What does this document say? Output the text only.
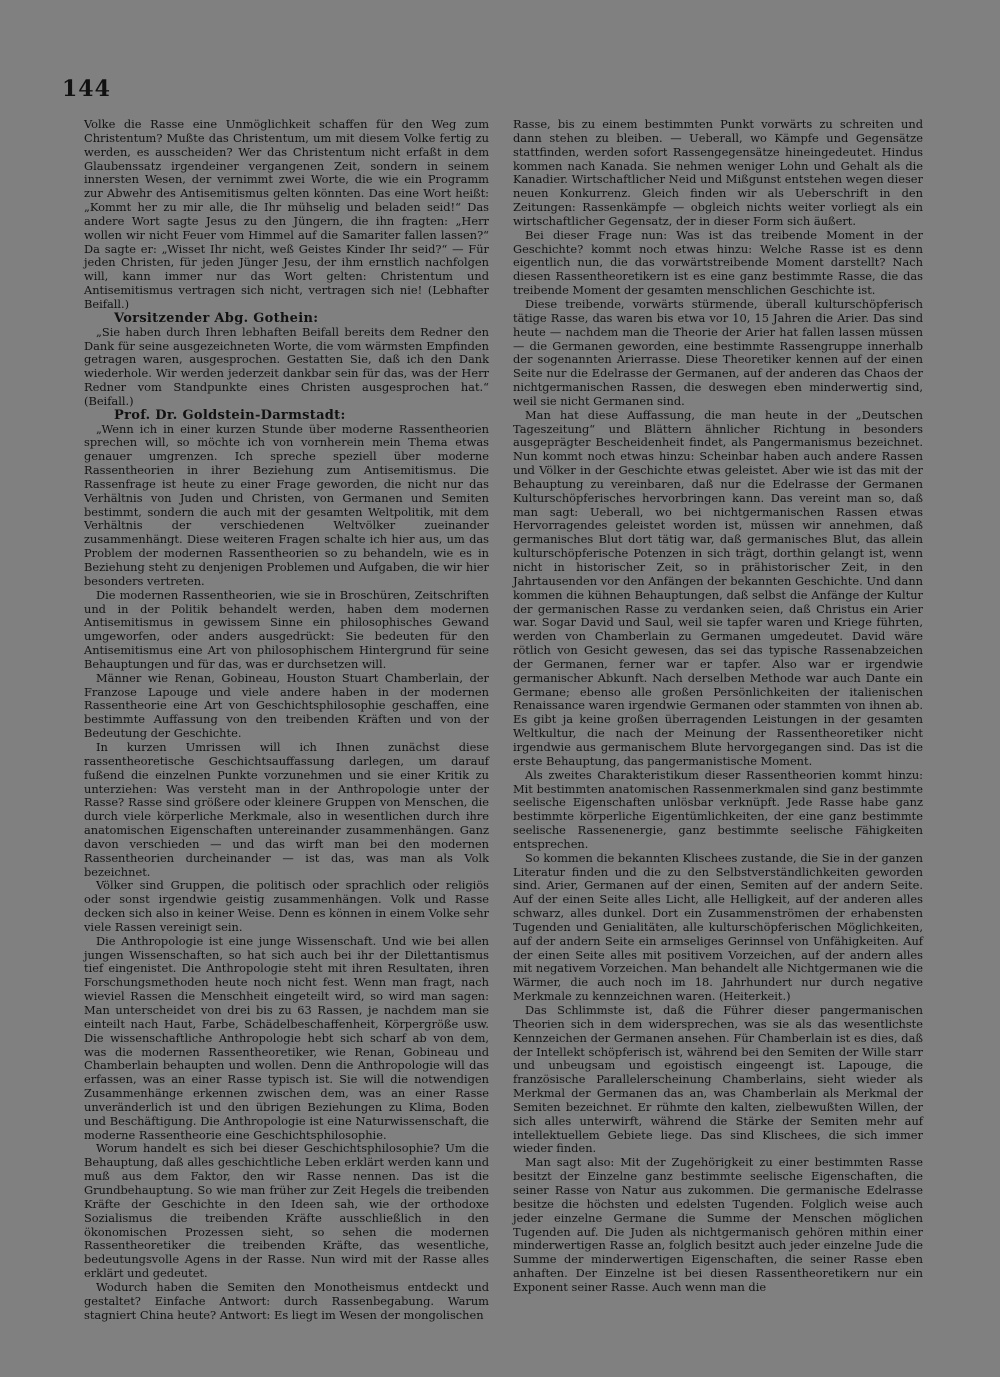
144

Volke die Rasse eine Unmöglichkeit schaffen für den Weg zum Christentum? Mußte das Christentum, um mit diesem Volke fertig zu werden, es ausscheiden? Wer das Christentum nicht erfaßt in dem Glaubenssatz irgendeiner vergangenen Zeit, sondern in seinem innersten Wesen, der vernimmt zwei Worte, die wie ein Programm zur Abwehr des Antisemitismus gelten könnten. Das eine Wort heißt: „Kommt her zu mir alle, die Ihr mühselig und beladen seid!“ Das andere Wort sagte Jesus zu den Jüngern, die ihn fragten: „Herr wollen wir nicht Feuer vom Himmel auf die Samariter fallen lassen?“ Da sagte er: „Wisset Ihr nicht, weß Geistes Kinder Ihr seid?“ — Für jeden Christen, für jeden Jünger Jesu, der ihm ernstlich nachfolgen will, kann immer nur das Wort gelten: Christentum und Antisemitismus vertragen sich nicht, vertragen sich nie! (Lebhafter Beifall.)

Vorsitzender Abg. Gothein:

„Sie haben durch Ihren lebhaften Beifall bereits dem Redner den Dank für seine ausgezeichneten Worte, die vom wärmsten Empfinden getragen waren, ausgesprochen. Gestatten Sie, daß ich den Dank wiederhole. Wir werden jederzeit dankbar sein für das, was der Herr Redner vom Standpunkte eines Christen ausgesprochen hat.“ (Beifall.)

Prof. Dr. Goldstein-Darmstadt:

„Wenn ich in einer kurzen Stunde über moderne Rassentheorien sprechen will, so möchte ich von vornherein mein Thema etwas genauer umgrenzen. Ich spreche speziell über moderne Rassentheorien in ihrer Beziehung zum Antisemitismus. Die Rassenfrage ist heute zu einer Frage geworden, die nicht nur das Verhältnis von Juden und Christen, von Germanen und Semiten bestimmt, sondern die auch mit der gesamten Weltpolitik, mit dem Verhältnis der verschiedenen Weltvölker zueinander zusammenhängt. Diese weiteren Fragen schalte ich hier aus, um das Problem der modernen Rassentheorien so zu behandeln, wie es in Beziehung steht zu denjenigen Problemen und Aufgaben, die wir hier besonders vertreten.

Die modernen Rassentheorien, wie sie in Broschüren, Zeitschriften und in der Politik behandelt werden, haben dem modernen Antisemitismus in gewissem Sinne ein philosophisches Gewand umgeworfen, oder anders ausgedrückt: Sie bedeuten für den Antisemitismus eine Art von philosophischem Hintergrund für seine Behauptungen und für das, was er durchsetzen will.

Männer wie Renan, Gobineau, Houston Stuart Chamberlain, der Franzose Lapouge und viele andere haben in der modernen Rassentheorie eine Art von Geschichtsphilosophie geschaffen, eine bestimmte Auffassung von den treibenden Kräften und von der Bedeutung der Geschichte.

In kurzen Umrissen will ich Ihnen zunächst diese rassentheoretische Geschichtsauffassung darlegen, um darauf fußend die einzelnen Punkte vorzunehmen und sie einer Kritik zu unterziehen: Was versteht man in der Anthropologie unter der Rasse? Rasse sind größere oder kleinere Gruppen von Menschen, die durch viele körperliche Merkmale, also in wesentlichen durch ihre anatomischen Eigenschaften untereinander zusammenhängen. Ganz davon verschieden — und das wirft man bei den modernen Rassentheorien durcheinander — ist das, was man als Volk bezeichnet.

Völker sind Gruppen, die politisch oder sprachlich oder religiös oder sonst irgendwie geistig zusammenhängen. Volk und Rasse decken sich also in keiner Weise. Denn es können in einem Volke sehr viele Rassen vereinigt sein.

Die Anthropologie ist eine junge Wissenschaft. Und wie bei allen jungen Wissenschaften, so hat sich auch bei ihr der Dilettantismus tief eingenistet. Die Anthropologie steht mit ihren Resultaten, ihren Forschungsmethoden heute noch nicht fest. Wenn man fragt, nach wieviel Rassen die Menschheit eingeteilt wird, so wird man sagen: Man unterscheidet von drei bis zu 63 Rassen, je nachdem man sie einteilt nach Haut, Farbe, Schädelbeschaffenheit, Körpergröße usw. Die wissenschaftliche Anthropologie hebt sich scharf ab von dem, was die modernen Rassentheoretiker, wie Renan, Gobineau und Chamberlain behaupten und wollen. Denn die Anthropologie will das erfassen, was an einer Rasse typisch ist. Sie will die notwendigen Zusammenhänge erkennen zwischen dem, was an einer Rasse unveränderlich ist und den übrigen Beziehungen zu Klima, Boden und Beschäftigung. Die Anthropologie ist eine Naturwissenschaft, die moderne Rassentheorie eine Geschichtsphilosophie.

Worum handelt es sich bei dieser Geschichtsphilosophie? Um die Behauptung, daß alles geschichtliche Leben erklärt werden kann und muß aus dem Faktor, den wir Rasse nennen. Das ist die Grundbehauptung. So wie man früher zur Zeit Hegels die treibenden Kräfte der Geschichte in den Ideen sah, wie der orthodoxe Sozialismus die treibenden Kräfte ausschließlich in den ökonomischen Prozessen sieht, so sehen die modernen Rassentheoretiker die treibenden Kräfte, das wesentliche, bedeutungsvolle Agens in der Rasse. Nun wird mit der Rasse alles erklärt und gedeutet.

Wodurch haben die Semiten den Monotheismus entdeckt und gestaltet? Einfache Antwort: durch Rassenbegabung. Warum stagniert China heute? Antwort: Es liegt im Wesen der mongolischen

Rasse, bis zu einem bestimmten Punkt vorwärts zu schreiten und dann stehen zu bleiben. — Ueberall, wo Kämpfe und Gegensätze stattfinden, werden sofort Rassengegensätze hineingedeutet. Hindus kommen nach Kanada. Sie nehmen weniger Lohn und Gehalt als die Kanadier. Wirtschaftlicher Neid und Mißgunst entstehen wegen dieser neuen Konkurrenz. Gleich finden wir als Ueberschrift in den Zeitungen: Rassenkämpfe — obgleich nichts weiter vorliegt als ein wirtschaftlicher Gegensatz, der in dieser Form sich äußert.

Bei dieser Frage nun: Was ist das treibende Moment in der Geschichte? kommt noch etwas hinzu: Welche Rasse ist es denn eigentlich nun, die das vorwärtstreibende Moment darstellt? Nach diesen Rassentheoretikern ist es eine ganz bestimmte Rasse, die das treibende Moment der gesamten menschlichen Geschichte ist.

Diese treibende, vorwärts stürmende, überall kulturschöpferisch tätige Rasse, das waren bis etwa vor 10, 15 Jahren die Arier. Das sind heute — nachdem man die Theorie der Arier hat fallen lassen müssen — die Germanen geworden, eine bestimmte Rassengruppe innerhalb der sogenannten Arierrasse. Diese Theoretiker kennen auf der einen Seite nur die Edelrasse der Germanen, auf der anderen das Chaos der nichtgermanischen Rassen, die deswegen eben minderwertig sind, weil sie nicht Germanen sind.

Man hat diese Auffassung, die man heute in der „Deutschen Tageszeitung“ und Blättern ähnlicher Richtung in besonders ausgeprägter Bescheidenheit findet, als Pangermanismus bezeichnet. Nun kommt noch etwas hinzu: Scheinbar haben auch andere Rassen und Völker in der Geschichte etwas geleistet. Aber wie ist das mit der Behauptung zu vereinbaren, daß nur die Edelrasse der Germanen Kulturschöpferisches hervorbringen kann. Das vereint man so, daß man sagt: Ueberall, wo bei nichtgermanischen Rassen etwas Hervorragendes geleistet worden ist, müssen wir annehmen, daß germanisches Blut dort tätig war, daß germanisches Blut, das allein kulturschöpferische Potenzen in sich trägt, dorthin gelangt ist, wenn nicht in historischer Zeit, so in prähistorischer Zeit, in den Jahrtausenden vor den Anfängen der bekannten Geschichte. Und dann kommen die kühnen Behauptungen, daß selbst die Anfänge der Kultur der germanischen Rasse zu verdanken seien, daß Christus ein Arier war. Sogar David und Saul, weil sie tapfer waren und Kriege führten, werden von Chamberlain zu Germanen umgedeutet. David wäre rötlich von Gesicht gewesen, das sei das typische Rassenabzeichen der Germanen, ferner war er tapfer. Also war er irgendwie germanischer Abkunft. Nach derselben Methode war auch Dante ein Germane; ebenso alle großen Persönlichkeiten der italienischen Renaissance waren irgendwie Germanen oder stammten von ihnen ab. Es gibt ja keine großen überragenden Leistungen in der gesamten Weltkultur, die nach der Meinung der Rassentheoretiker nicht irgendwie aus germanischem Blute hervorgegangen sind. Das ist die erste Behauptung, das pangermanistische Moment.

Als zweites Charakteristikum dieser Rassentheorien kommt hinzu: Mit bestimmten anatomischen Rassenmerkmalen sind ganz bestimmte seelische Eigenschaften unlösbar verknüpft. Jede Rasse habe ganz bestimmte körperliche Eigentümlichkeiten, der eine ganz bestimmte seelische Rassenenergie, ganz bestimmte seelische Fähigkeiten entsprechen.

So kommen die bekannten Klischees zustande, die Sie in der ganzen Literatur finden und die zu den Selbstverständlichkeiten geworden sind. Arier, Germanen auf der einen, Semiten auf der andern Seite. Auf der einen Seite alles Licht, alle Helligkeit, auf der anderen alles schwarz, alles dunkel. Dort ein Zusammenströmen der erhabensten Tugenden und Genialitäten, alle kulturschöpferischen Möglichkeiten, auf der andern Seite ein armseliges Gerinnsel von Unfähigkeiten. Auf der einen Seite alles mit positivem Vorzeichen, auf der andern alles mit negativem Vorzeichen. Man behandelt alle Nichtgermanen wie die Wärmer, die auch noch im 18. Jahrhundert nur durch negative Merkmale zu kennzeichnen waren. (Heiterkeit.)

Das Schlimmste ist, daß die Führer dieser pangermanischen Theorien sich in dem widersprechen, was sie als das wesentlichste Kennzeichen der Germanen ansehen. Für Chamberlain ist es dies, daß der Intellekt schöpferisch ist, während bei den Semiten der Wille starr und unbeugsam und egoistisch eingeengt ist. Lapouge, die französische Parallelerscheinung Chamberlains, sieht wieder als Merkmal der Germanen das an, was Chamberlain als Merkmal der Semiten bezeichnet. Er rühmte den kalten, zielbewußten Willen, der sich alles unterwirft, während die Stärke der Semiten mehr auf intellektuellem Gebiete liege. Das sind Klischees, die sich immer wieder finden.

Man sagt also: Mit der Zugehörigkeit zu einer bestimmten Rasse besitzt der Einzelne ganz bestimmte seelische Eigenschaften, die seiner Rasse von Natur aus zukommen. Die germanische Edelrasse besitze die höchsten und edelsten Tugenden. Folglich weise auch jeder einzelne Germane die Summe der Menschen möglichen Tugenden auf. Die Juden als nichtgermanisch gehören mithin einer minderwertigen Rasse an, folglich besitzt auch jeder einzelne Jude die Summe der minderwertigen Eigenschaften, die seiner Rasse eben anhaften. Der Einzelne ist bei diesen Rassentheoretikern nur ein Exponent seiner Rasse. Auch wenn man die
